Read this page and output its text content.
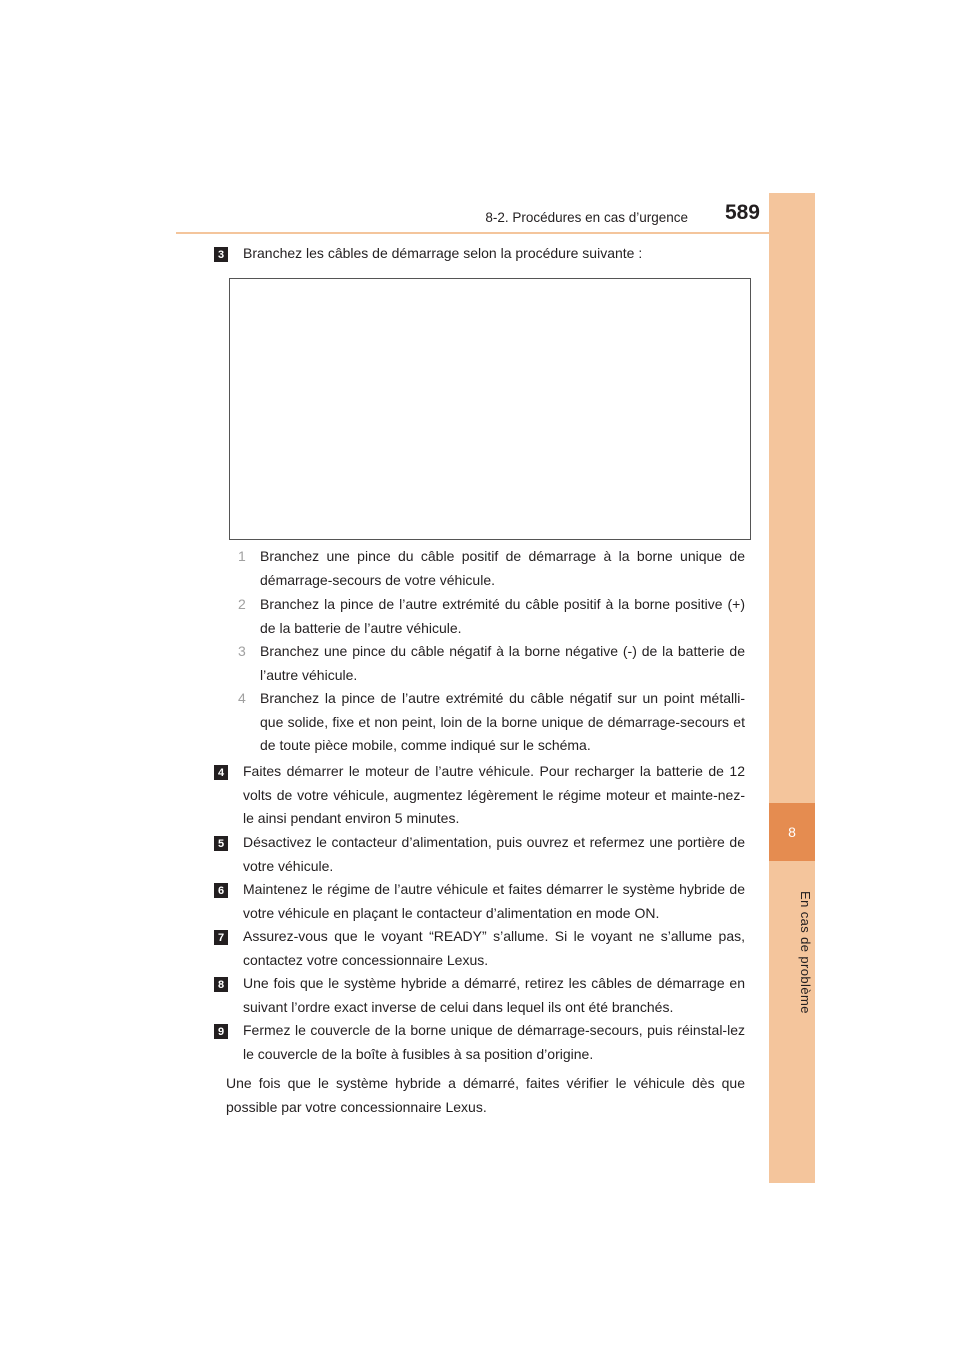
8
En cas de problème
8-2. Procédures en cas d’urgence	589
3 Branchez les câbles de démarrage selon la procédure suivante :
1 Branchez une pince du câble positif de démarrage à la borne unique de démarrage-secours de votre véhicule.
2 Branchez la pince de l’autre extrémité du câble positif à la borne positive (+) de la batterie de l’autre véhicule.
3 Branchez une pince du câble négatif à la borne négative (-) de la batterie de l’autre véhicule.
4 Branchez la pince de l’autre extrémité du câble négatif sur un point métalli-que solide, fixe et non peint, loin de la borne unique de démarrage-secours et de toute pièce mobile, comme indiqué sur le schéma.
4 Faites démarrer le moteur de l’autre véhicule. Pour recharger la batterie de 12 volts de votre véhicule, augmentez légèrement le régime moteur et mainte-nez-le ainsi pendant environ 5 minutes.
5 Désactivez le contacteur d’alimentation, puis ouvrez et refermez une portière de votre véhicule.
6 Maintenez le régime de l’autre véhicule et faites démarrer le système hybride de votre véhicule en plaçant le contacteur d’alimentation en mode ON.
7 Assurez-vous que le voyant “READY” s’allume. Si le voyant ne s’allume pas, contactez votre concessionnaire Lexus.
8 Une fois que le système hybride a démarré, retirez les câbles de démarrage en suivant l’ordre exact inverse de celui dans lequel ils ont été branchés.
9 Fermez le couvercle de la borne unique de démarrage-secours, puis réinstal-lez le couvercle de la boîte à fusibles à sa position d’origine.
Une fois que le système hybride a démarré, faites vérifier le véhicule dès que possible par votre concessionnaire Lexus.
